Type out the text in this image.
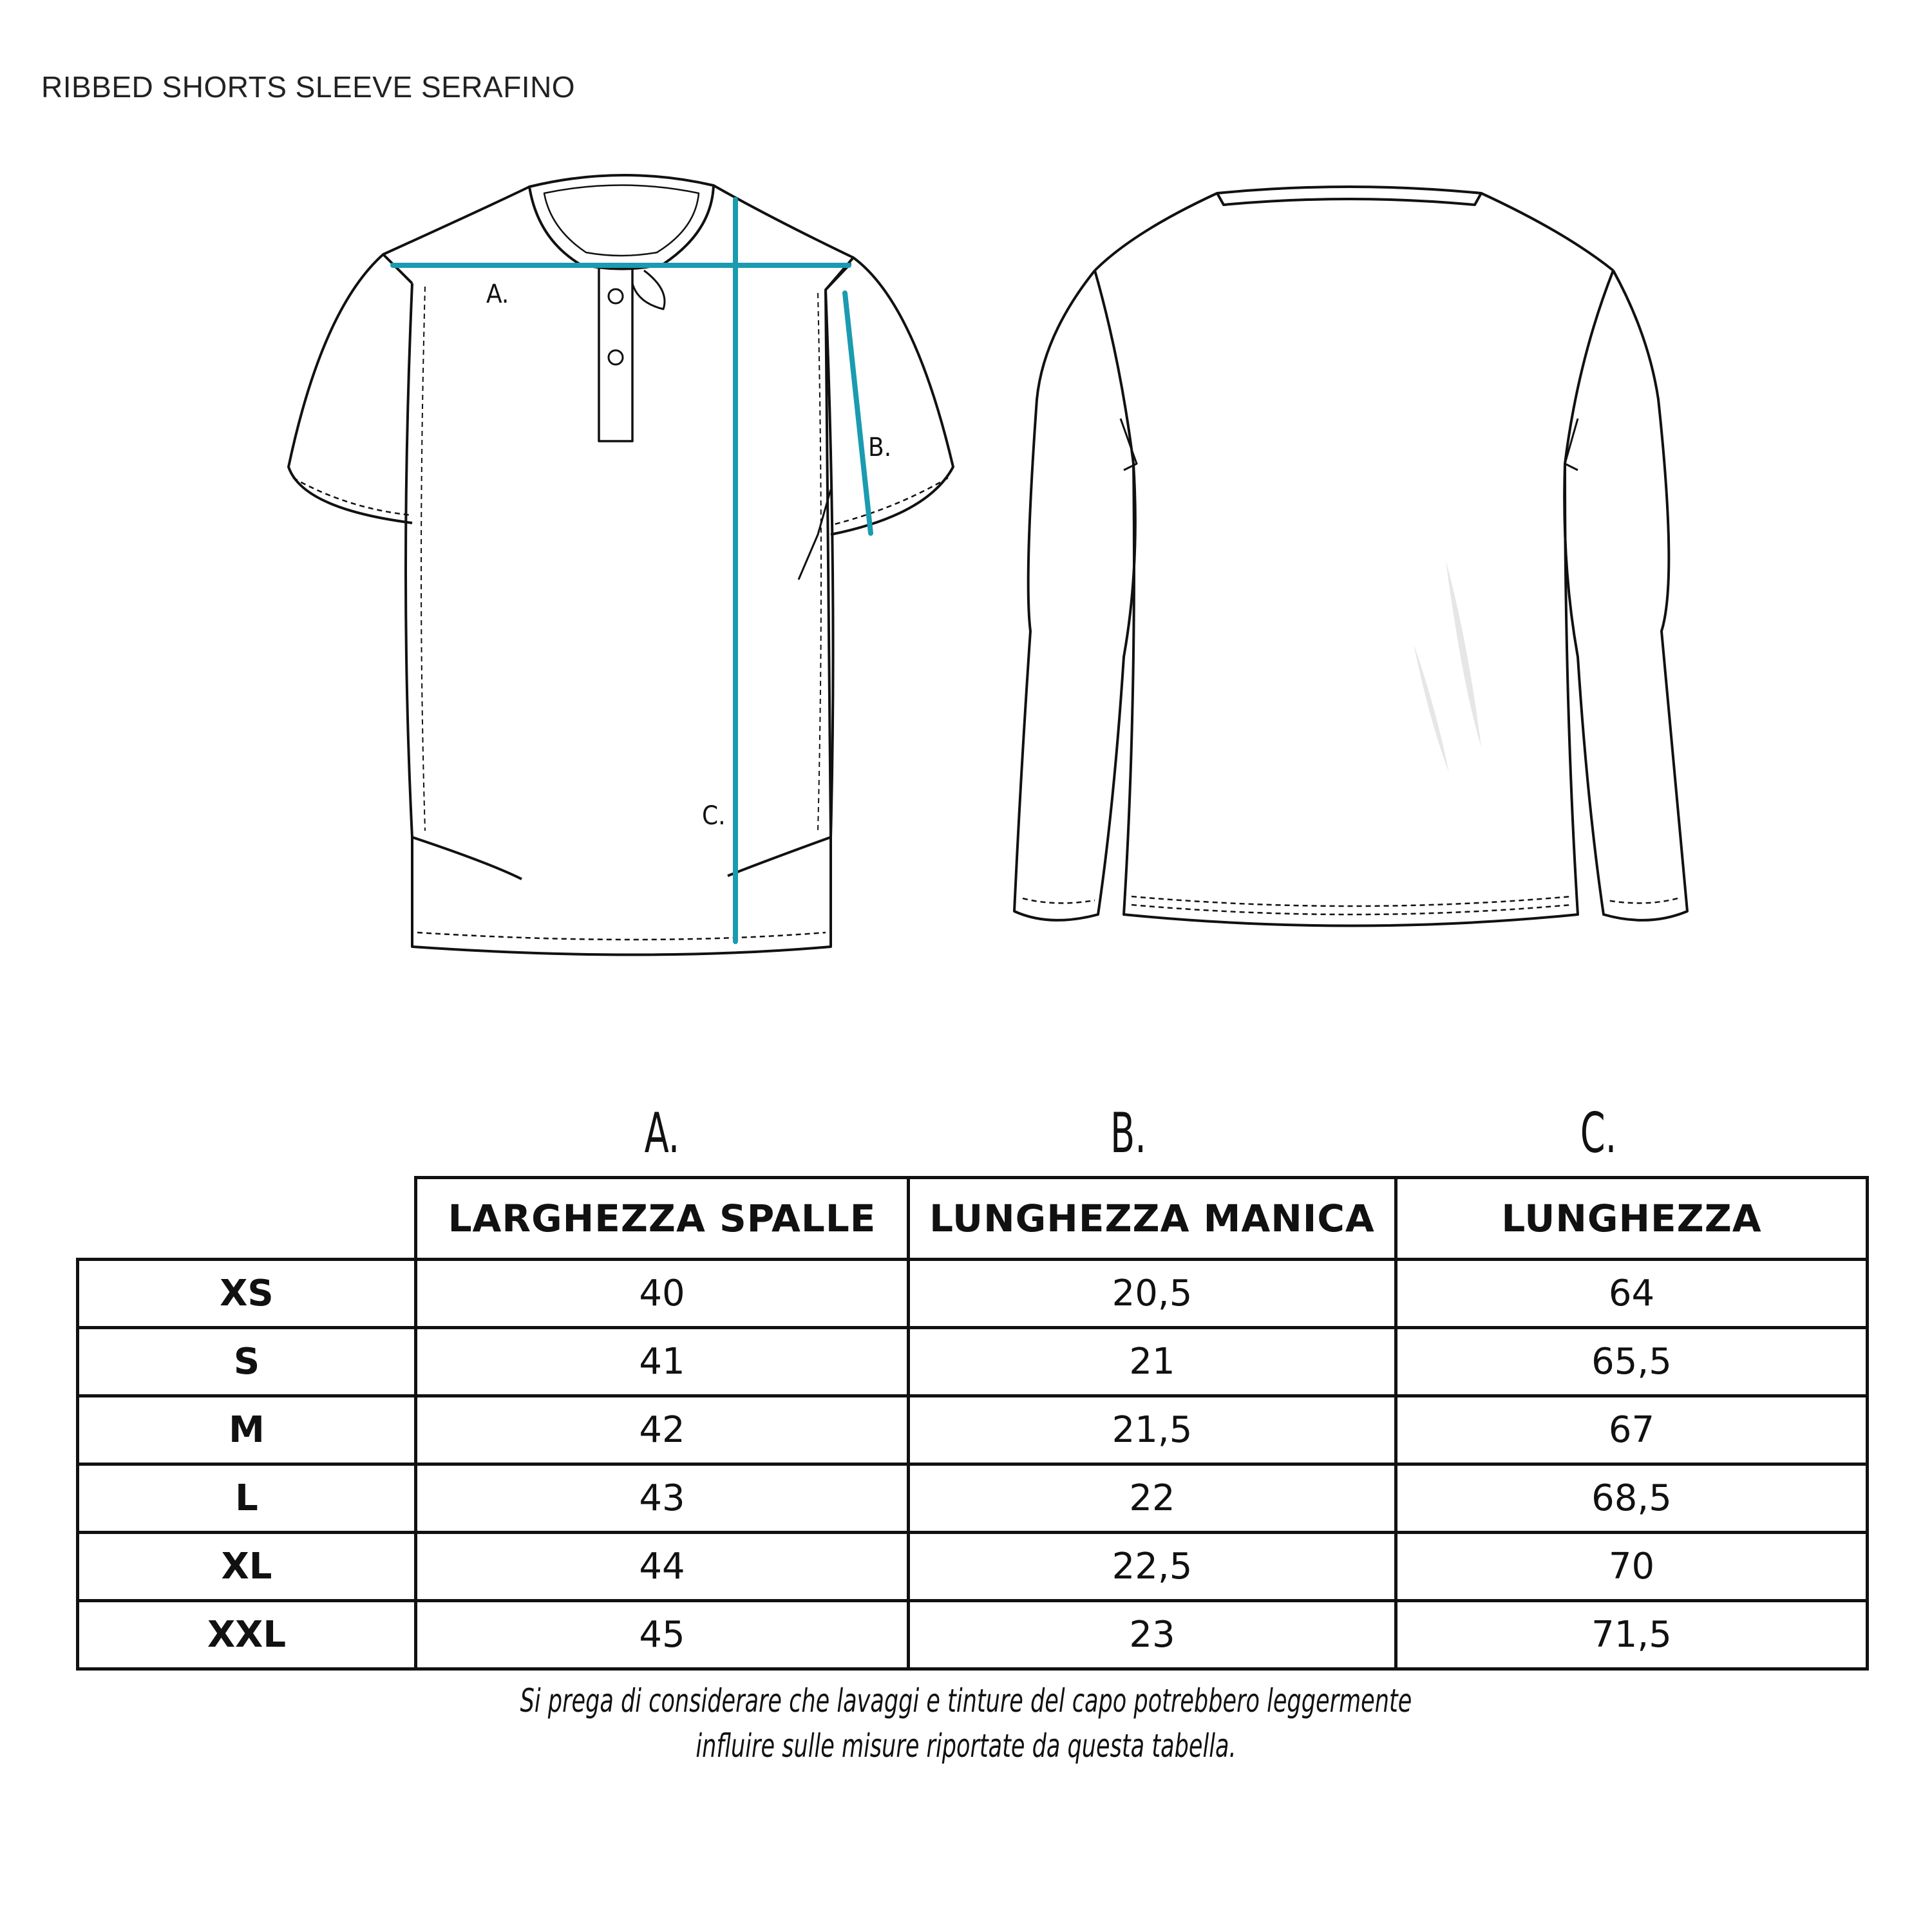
RIBBED SHORTS SLEEVE SERAFINO
A.
B.
C.
A.	B.	C.
	LARGHEZZA SPALLE	LUNGHEZZA MANICA	LUNGHEZZA
XS	40	20,5	64
S	41	21	65,5
M	42	21,5	67
L	43	22	68,5
XL	44	22,5	70
XXL	45	23	71,5
Si prega di considerare che lavaggi e tinture del capo potrebbero leggermente
influire sulle misure riportate da questa tabella.
